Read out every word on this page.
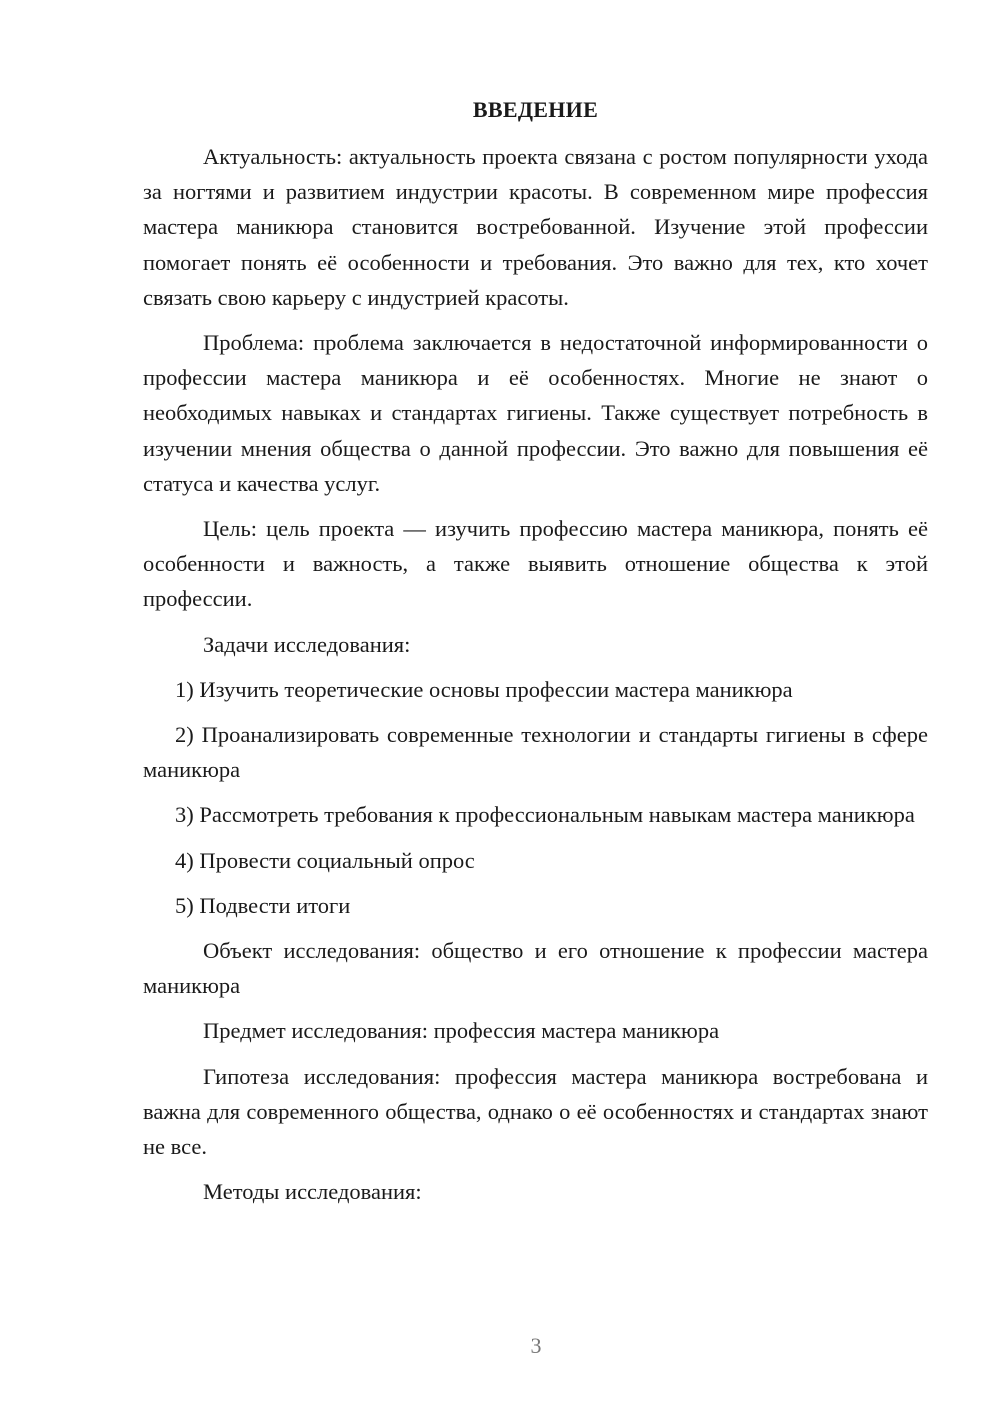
ВВЕДЕНИЕ

Актуальность: актуальность проекта связана с ростом популярности ухода за ногтями и развитием индустрии красоты. В современном мире профессия мастера маникюра становится востребованной. Изучение этой профессии помогает понять её особенности и требования. Это важно для тех, кто хочет связать свою карьеру с индустрией красоты.

Проблема: проблема заключается в недостаточной информированности о профессии мастера маникюра и её особенностях. Многие не знают о необходимых навыках и стандартах гигиены. Также существует потребность в изучении мнения общества о данной профессии. Это важно для повышения её статуса и качества услуг.

Цель: цель проекта — изучить профессию мастера маникюра, понять её особенности и важность, а также выявить отношение общества к этой профессии.

Задачи исследования:

1) Изучить теоретические основы профессии мастера маникюра

2) Проанализировать современные технологии и стандарты гигиены в сфере маникюра

3) Рассмотреть требования к профессиональным навыкам мастера маникюра

4) Провести социальный опрос

5) Подвести итоги

Объект исследования: общество и его отношение к профессии мастера маникюра

Предмет исследования: профессия мастера маникюра

Гипотеза исследования: профессия мастера маникюра востребована и важна для современного общества, однако о её особенностях и стандартах знают не все.

Методы исследования:

3
